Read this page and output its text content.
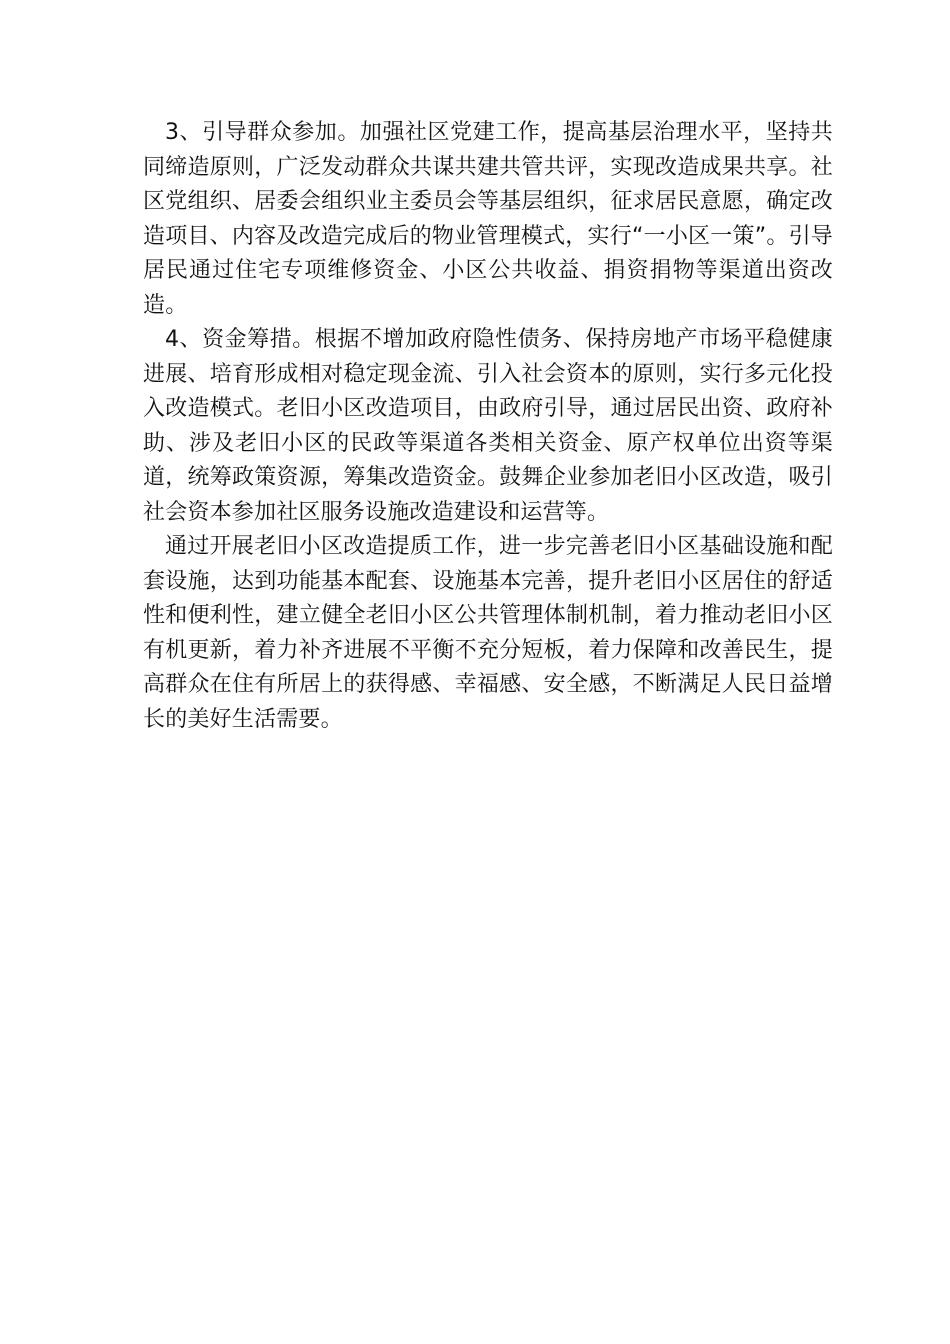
3、引导群众参加。加强社区党建工作，提高基层治理水平，坚持共同缔造原则，广泛发动群众共谋共建共管共评，实现改造成果共享。社区党组织、居委会组织业主委员会等基层组织，征求居民意愿，确定改造项目、内容及改造完成后的物业管理模式，实行“一小区一策”。引导居民通过住宅专项维修资金、小区公共收益、捐资捐物等渠道出资改造。

4、资金筹措。根据不增加政府隐性债务、保持房地产市场平稳健康进展、培育形成相对稳定现金流、引入社会资本的原则，实行多元化投入改造模式。老旧小区改造项目，由政府引导，通过居民出资、政府补助、涉及老旧小区的民政等渠道各类相关资金、原产权单位出资等渠道，统筹政策资源，筹集改造资金。鼓舞企业参加老旧小区改造，吸引社会资本参加社区服务设施改造建设和运营等。

通过开展老旧小区改造提质工作，进一步完善老旧小区基础设施和配套设施，达到功能基本配套、设施基本完善，提升老旧小区居住的舒适性和便利性，建立健全老旧小区公共管理体制机制，着力推动老旧小区有机更新，着力补齐进展不平衡不充分短板，着力保障和改善民生，提高群众在住有所居上的获得感、幸福感、安全感，不断满足人民日益增长的美好生活需要。
